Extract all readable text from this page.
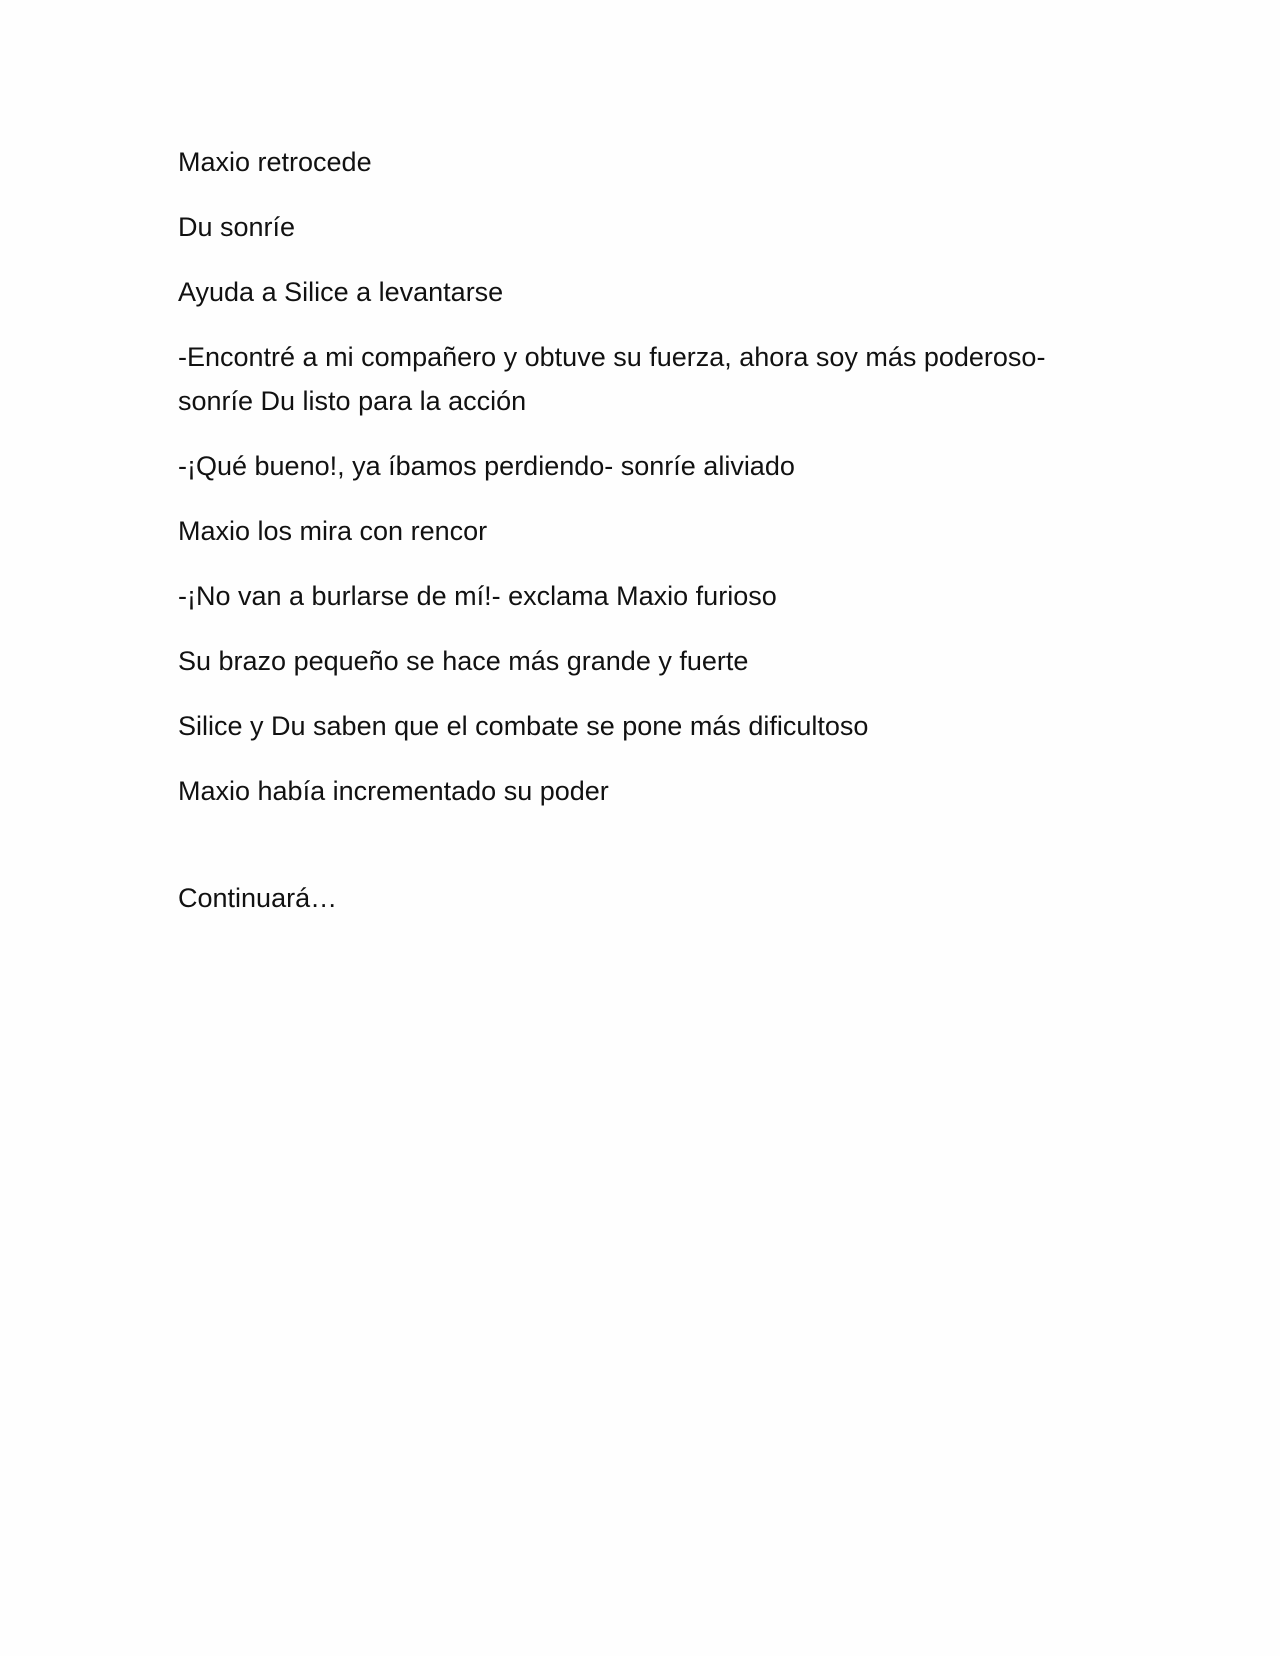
Maxio retrocede

Du sonríe

Ayuda a Silice a levantarse

-Encontré a mi compañero y obtuve su fuerza, ahora soy más poderoso- sonríe Du listo para la acción

-¡Qué bueno!, ya íbamos perdiendo- sonríe aliviado

Maxio los mira con rencor

-¡No van a burlarse de mí!- exclama Maxio furioso

Su brazo pequeño se hace más grande y fuerte

Silice y Du saben que el combate se pone más dificultoso

Maxio había incrementado su poder

Continuará…
